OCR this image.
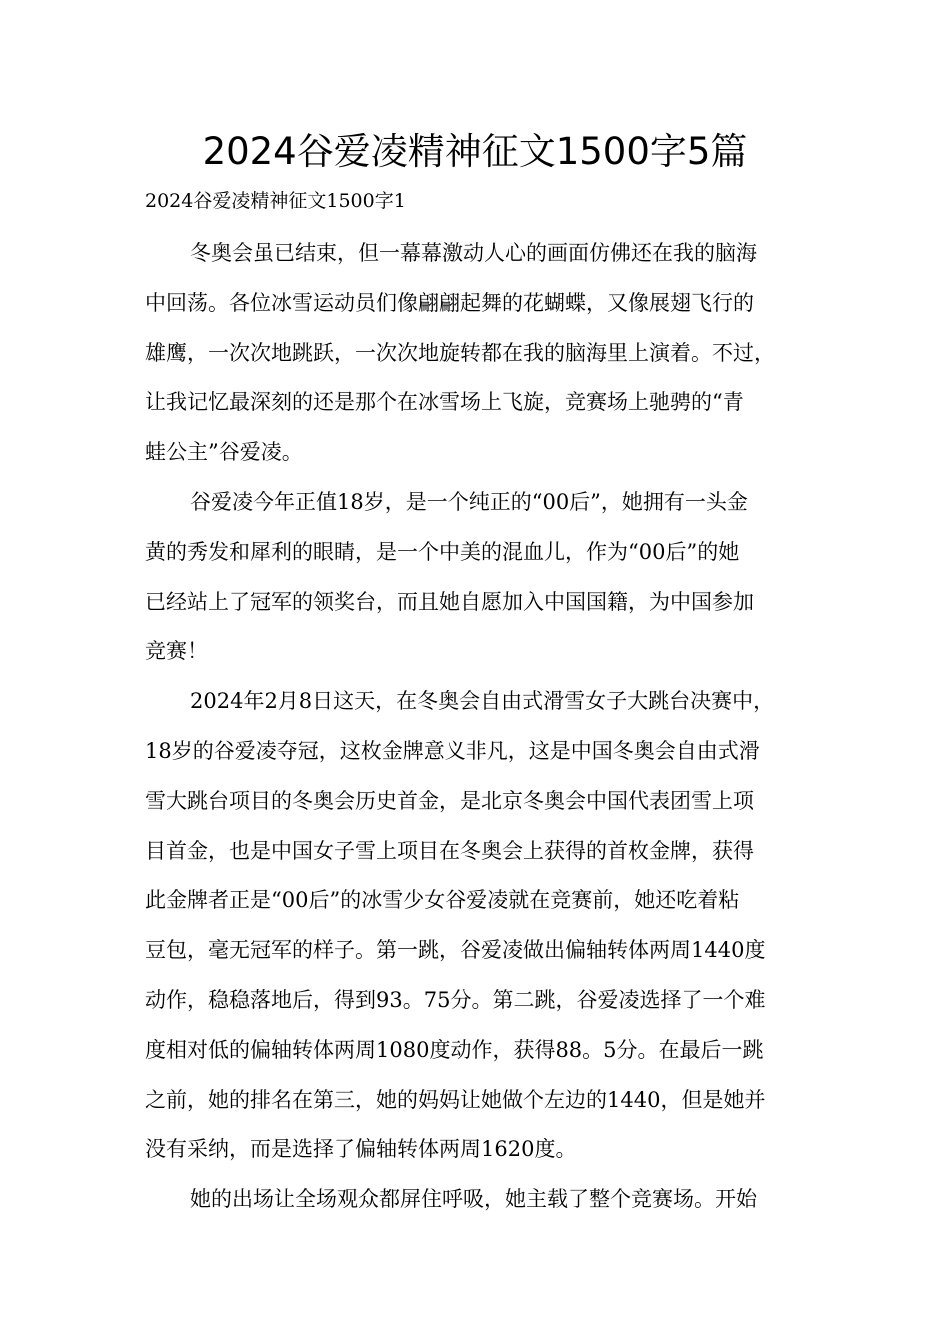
2024谷爱凌精神征文1500字5篇
2024谷爱凌精神征文1500字1
冬奥会虽已结束，但一幕幕激动人心的画面仿佛还在我的脑海
中回荡。各位冰雪运动员们像翩翩起舞的花蝴蝶，又像展翅飞行的
雄鹰，一次次地跳跃，一次次地旋转都在我的脑海里上演着。不过，
让我记忆最深刻的还是那个在冰雪场上飞旋，竞赛场上驰骋的“青
蛙公主”谷爱凌。
谷爱凌今年正值18岁，是一个纯正的“00后”，她拥有一头金
黄的秀发和犀利的眼睛，是一个中美的混血儿，作为“00后”的她
已经站上了冠军的领奖台，而且她自愿加入中国国籍，为中国参加
竞赛！
2024年2月8日这天，在冬奥会自由式滑雪女子大跳台决赛中，
18岁的谷爱凌夺冠，这枚金牌意义非凡，这是中国冬奥会自由式滑
雪大跳台项目的冬奥会历史首金，是北京冬奥会中国代表团雪上项
目首金，也是中国女子雪上项目在冬奥会上获得的首枚金牌，获得
此金牌者正是“00后”的冰雪少女谷爱凌就在竞赛前，她还吃着粘
豆包，毫无冠军的样子。第一跳，谷爱凌做出偏轴转体两周1440度
动作，稳稳落地后，得到93。75分。第二跳，谷爱凌选择了一个难
度相对低的偏轴转体两周1080度动作，获得88。5分。在最后一跳
之前，她的排名在第三，她的妈妈让她做个左边的1440，但是她并
没有采纳，而是选择了偏轴转体两周1620度。
她的出场让全场观众都屏住呼吸，她主载了整个竞赛场。开始
